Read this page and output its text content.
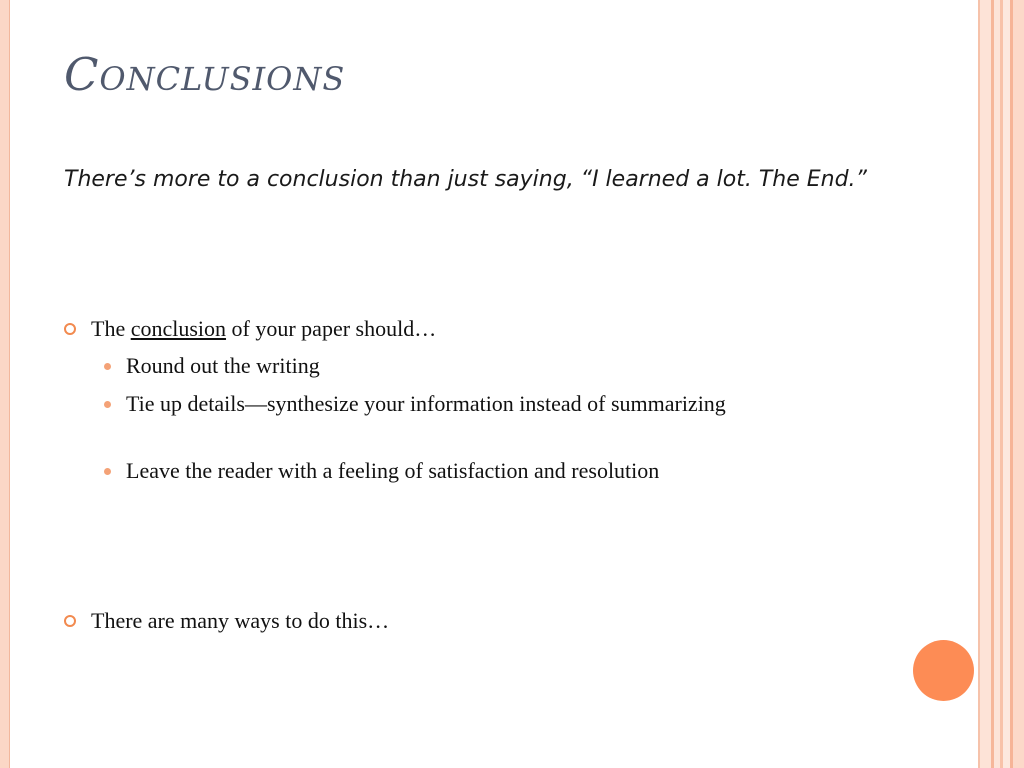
Conclusions

There’s more to a conclusion than just saying, “I learned a lot. The End.”

The conclusion of your paper should…
Round out the writing
Tie up details—synthesize your information instead of summarizing
Leave the reader with a feeling of satisfaction and resolution
There are many ways to do this…
